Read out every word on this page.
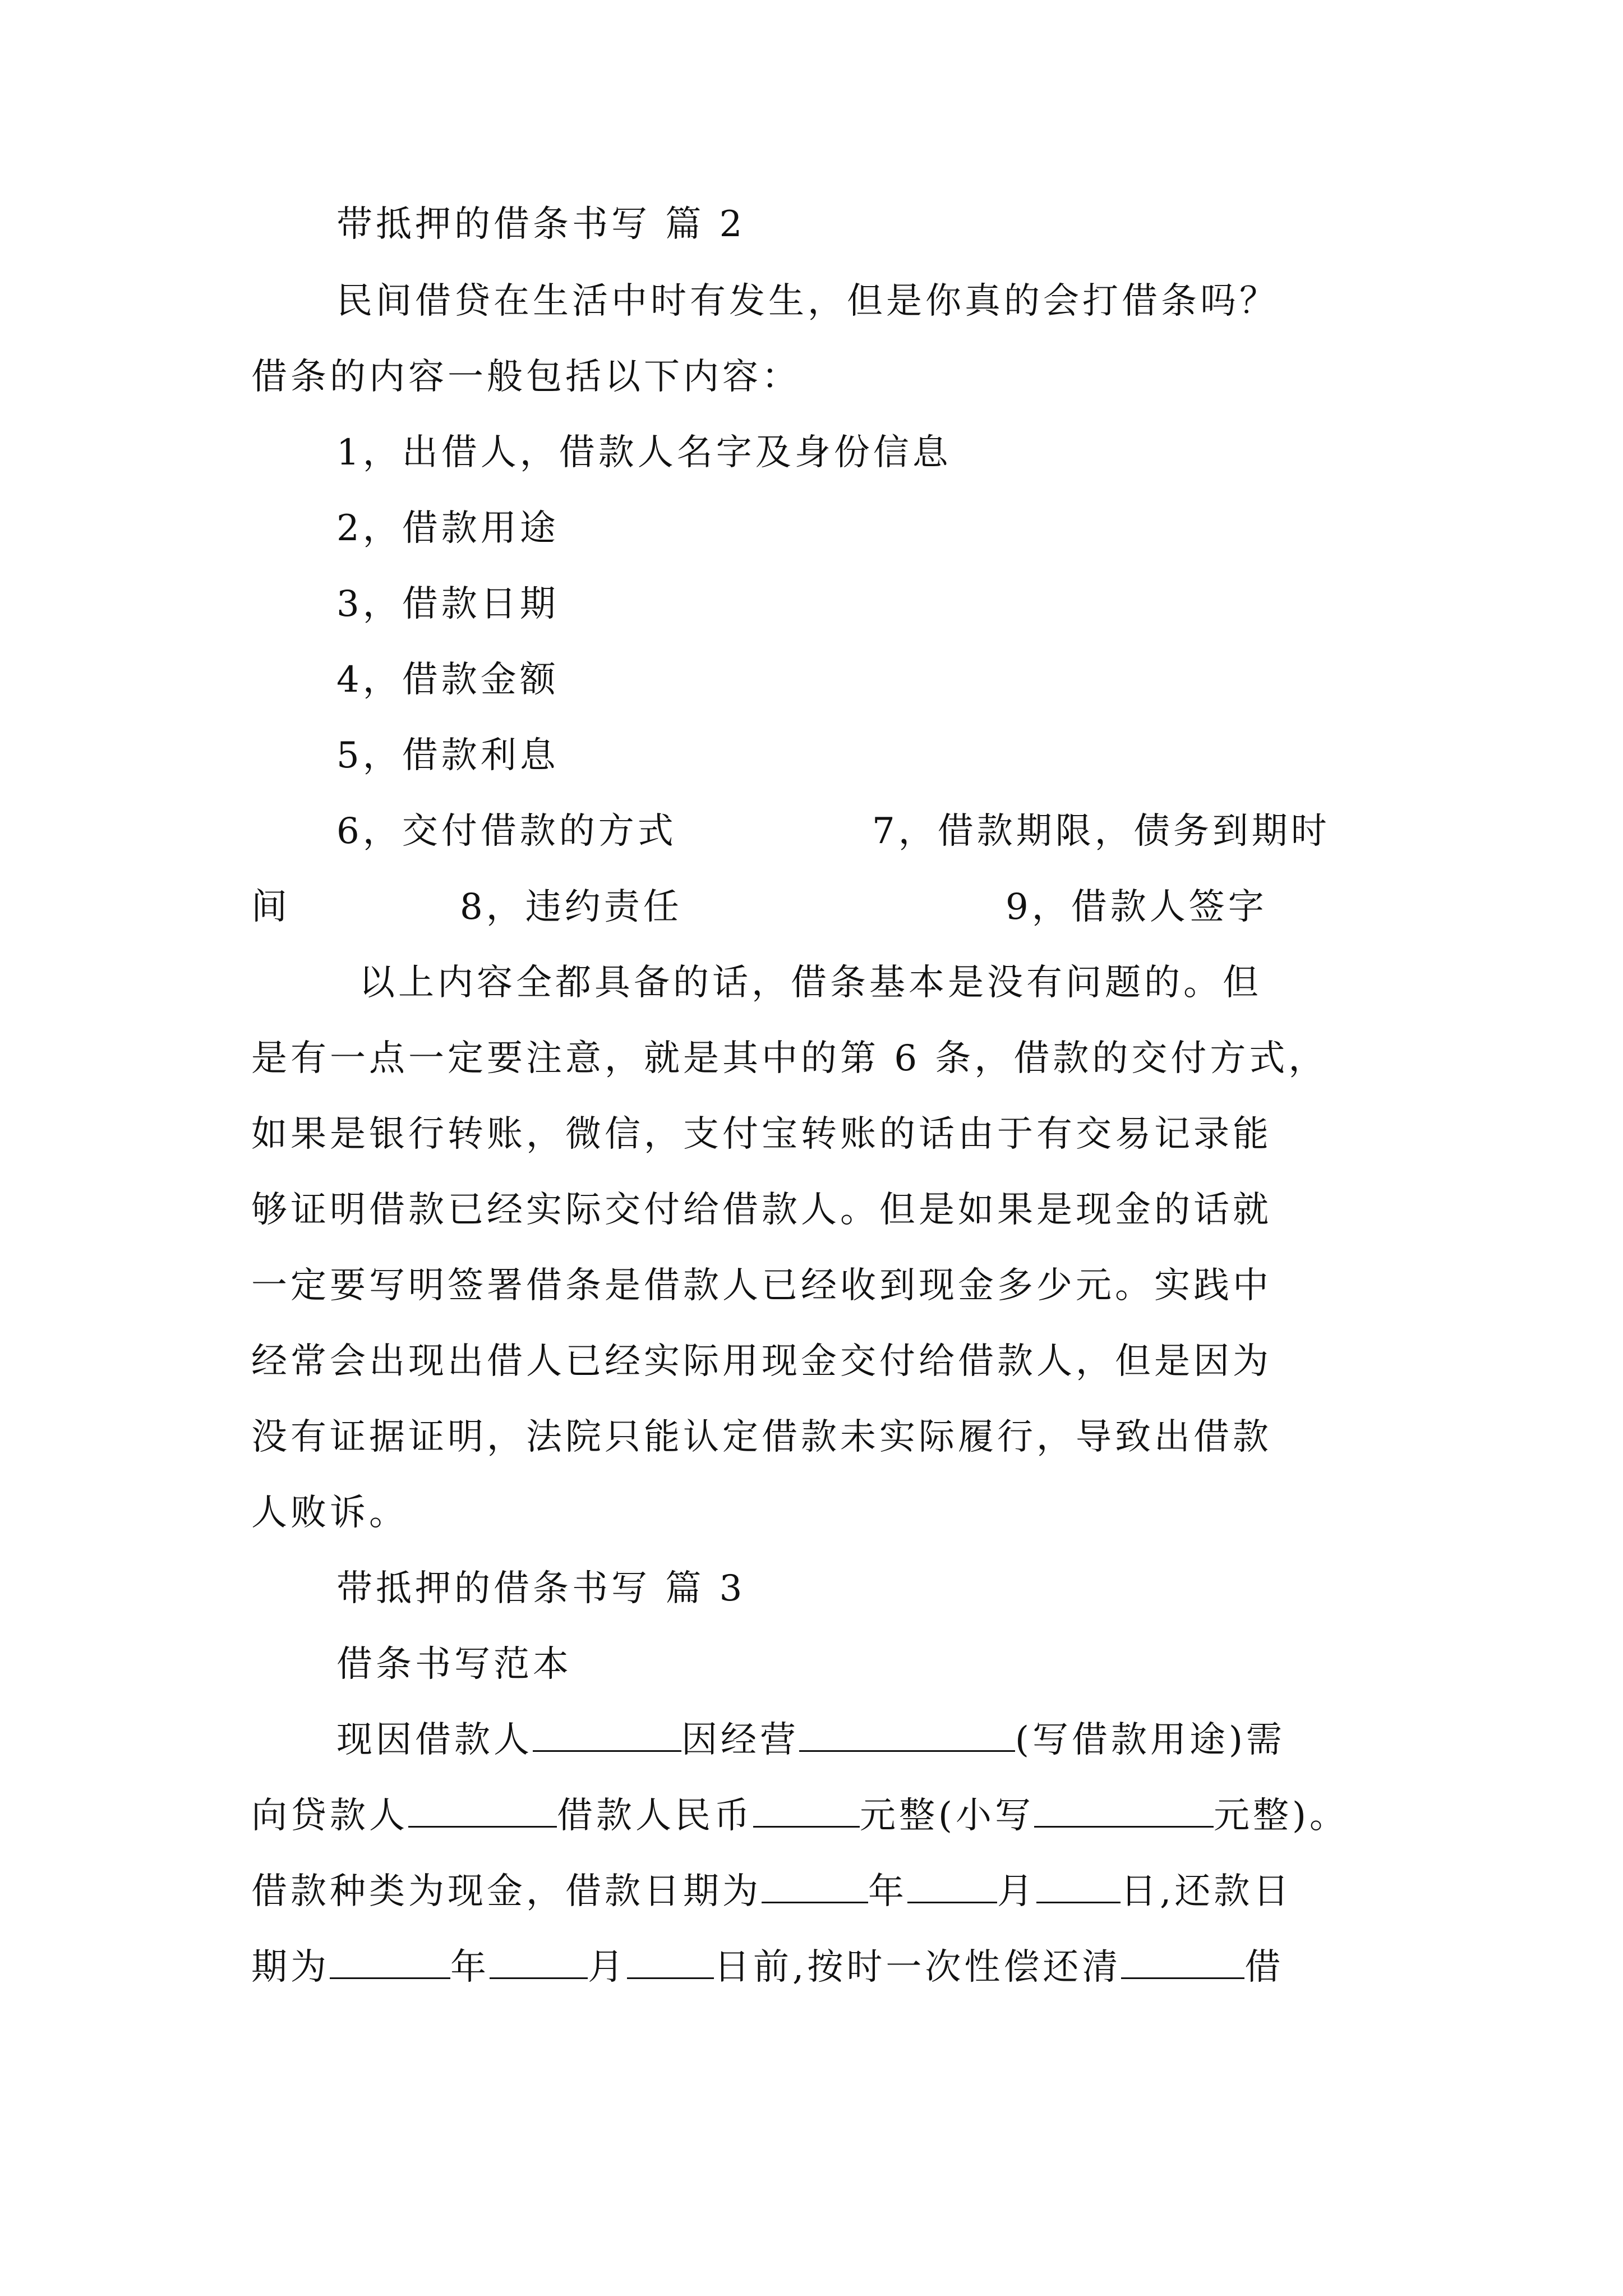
带抵押的借条书写 篇 2
民间借贷在生活中时有发生，但是你真的会打借条吗？
借条的内容一般包括以下内容：
1，出借人，借款人名字及身份信息
2，借款用途
3，借款日期
4，借款金额
5，借款利息
6，交付借款的方式	7，借款期限，债务到期时
间	8，违约责任	9，借款人签字
以上内容全都具备的话，借条基本是没有问题的。但
是有一点一定要注意，就是其中的第 6 条，借款的交付方式，
如果是银行转账，微信，支付宝转账的话由于有交易记录能
够证明借款已经实际交付给借款人。但是如果是现金的话就
一定要写明签署借条是借款人已经收到现金多少元。实践中
经常会出现出借人已经实际用现金交付给借款人，但是因为
没有证据证明，法院只能认定借款未实际履行，导致出借款
人败诉。
带抵押的借条书写 篇 3
借条书写范本
现因借款人	因经营	(写借款用途)需
向贷款人	借款人民币	元整(小写	元整)。
借款种类为现金，借款日期为	年	月 日,还款日
期为	年	月 日前,按时一次性偿还清	借
